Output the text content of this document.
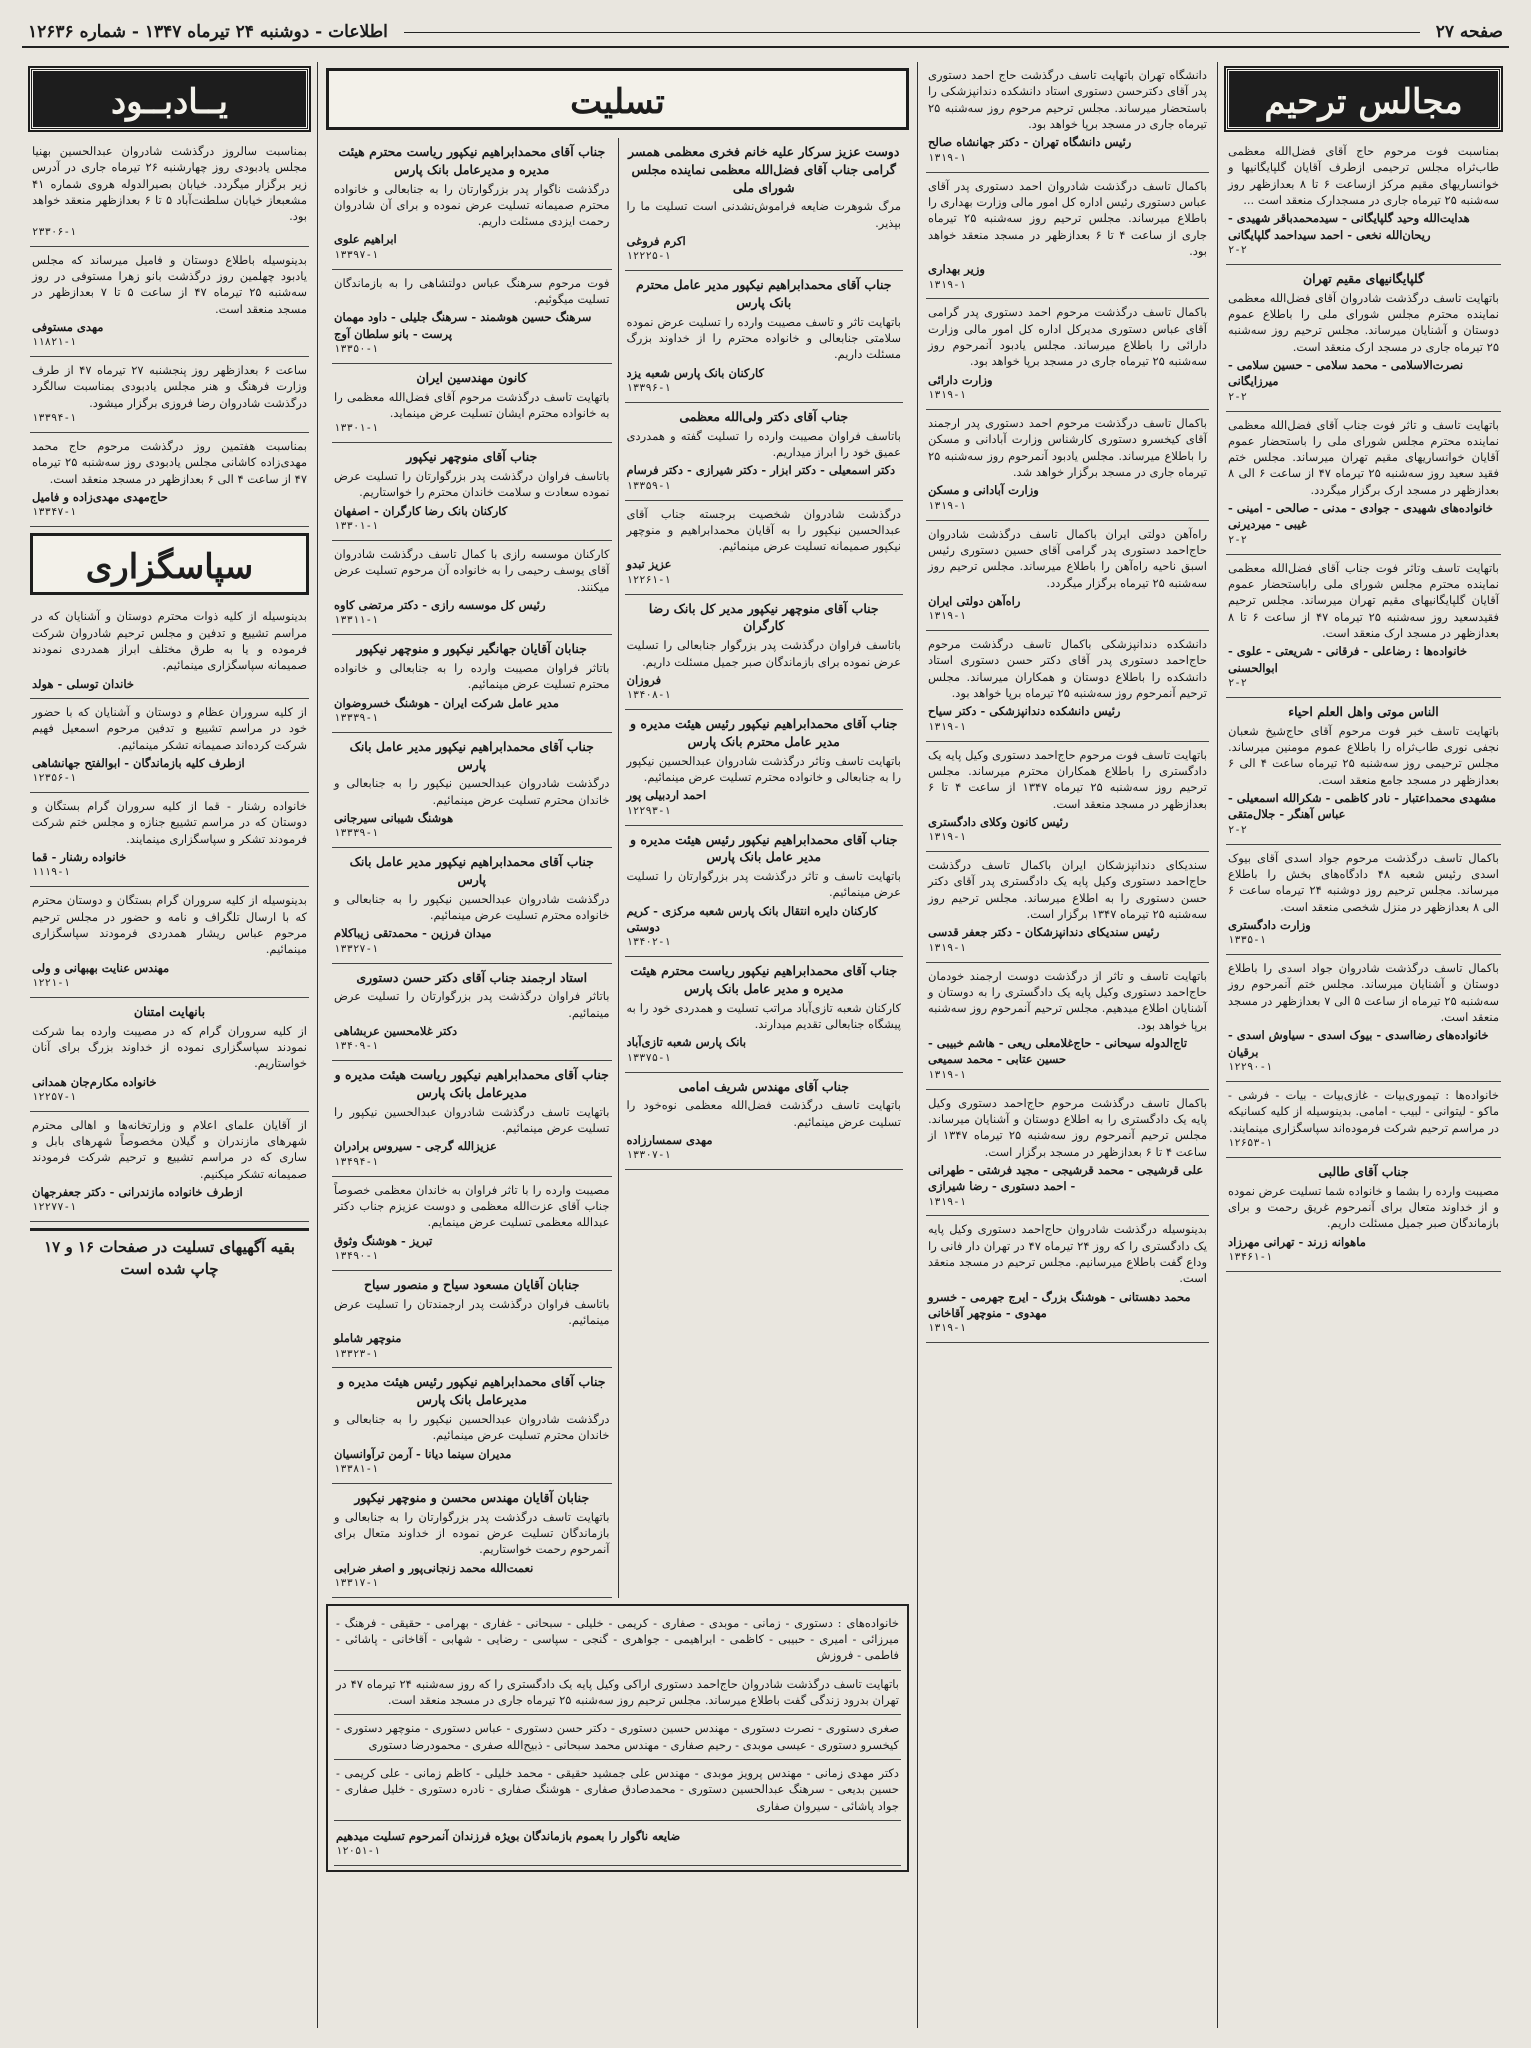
صفحه ۲۷
اطلاعات - دوشنبه ۲۴ تیرماه ۱۳۴۷ - شماره ۱۲۶۳۶
مجالس ترحیم
بمناسبت فوت مرحوم حاج آقای فضل‌الله معظمی طاب‌ثراه مجلس ترحیمی ازطرف آقایان گلپایگانیها و خوانساریهای مقیم مرکز ازساعت ۶ تا ۸ بعدازظهر روز سه‌شنبه ۲۵ تیرماه جاری در مسجدارک منعقد است ...
هدایت‌الله وحید گلپایگانی - سیدمحمدباقر شهیدی - ریحان‌الله نخعی - احمد سیداحمد گلپایگانی
۲-۲
گلپایگانیهای مقیم تهران
باتهایت تاسف درگذشت شادروان آقای فضل‌الله معظمی نماینده محترم مجلس شورای ملی را باطلاع عموم دوستان و آشنایان میرساند. مجلس ترحیم روز سه‌شنبه ۲۵ تیرماه جاری در مسجد ارک منعقد است.
نصرت‌الاسلامی - محمد سلامی - حسین سلامی - میرزایگانی
۲-۲
باتهایت تاسف و تاثر فوت جناب آقای فضل‌الله معظمی نماینده محترم مجلس شورای ملی را باستحضار عموم آقایان خوانساریهای مقیم تهران میرساند. مجلس ختم فقید سعید روز سه‌شنبه ۲۵ تیرماه ۴۷ از ساعت ۶ الی ۸ بعدازظهر در مسجد ارک برگزار میگردد.
خانواده‌های شهیدی - جوادی - مدنی - صالحی - امینی - غیبی - میردیرنی
۲-۲
باتهایت تاسف وتاثر فوت جناب آقای فضل‌الله معظمی نماینده محترم مجلس شورای ملی راباستحضار عموم آقایان گلپایگانیهای مقیم تهران میرساند. مجلس ترحیم فقیدسعید روز سه‌شنبه ۲۵ تیرماه ۴۷ از ساعت ۶ تا ۸ بعدازظهر در مسجد ارک منعقد است.
خانواده‌ها : رضاعلی - فرقانی - شریعتی - علوی - ابوالحسنی
۲-۲
الناس موتی واهل العلم احیاء
باتهایت تاسف خبر فوت مرحوم آقای حاج‌شیخ شعبان نجفی نوری طاب‌ثراه را باطلاع عموم مومنین میرساند. مجلس ترحیمی روز سه‌شنبه ۲۵ تیرماه ساعت ۴ الی ۶ بعدازظهر در مسجد جامع منعقد است.
مشهدی محمداعتبار - نادر کاظمی - شکرالله اسمعیلی - عباس آهنگر - جلال‌متقی
۲-۲
باکمال تاسف درگذشت مرحوم جواد اسدی آقای بیوک اسدی رئیس شعبه ۴۸ دادگاه‌های بخش را باطلاع میرساند. مجلس ترحیم روز دوشنبه ۲۴ تیرماه ساعت ۶ الی ۸ بعدازظهر در منزل شخصی منعقد است.
وزارت دادگستری
۱۳۳۵-۱
باکمال تاسف درگذشت شادروان جواد اسدی را باطلاع دوستان و آشنایان میرساند. مجلس ختم آنمرحوم روز سه‌شنبه ۲۵ تیرماه از ساعت ۵ الی ۷ بعدازظهر در مسجد منعقد است.
خانواده‌های رضااسدی - بیوک اسدی - سیاوش اسدی - برقیان
۱۲۲۹۰-۱
خانواده‌ها : تیموری‌بیات - غازی‌بیات - بیات - فرشی - ماکو - لیتوانی - لبیب - امامی. بدینوسیله از کلیه کسانیکه در مراسم ترحیم شرکت فرموده‌اند سپاسگزاری مینمایند.
۱۲۶۵۳-۱
جناب آقای طالبی
مصیبت وارده را بشما و خانواده شما تسلیت عرض نموده و از خداوند متعال برای آنمرحوم غریق رحمت و برای بازماندگان صبر جمیل مسئلت داریم.
ماهوانه زرند - تهرانی مهرزاد
۱۳۴۶۱-۱
دانشگاه تهران باتهایت تاسف درگذشت حاج احمد دستوری پدر آقای دکترحسن دستوری استاد دانشکده دندانپزشکی را باستحضار میرساند. مجلس ترحیم مرحوم روز سه‌شنبه ۲۵ تیرماه جاری در مسجد برپا خواهد بود.
رئیس دانشگاه تهران - دکتر جهانشاه صالح
۱۳۱۹-۱
باکمال تاسف درگذشت شادروان احمد دستوری پدر آقای عباس دستوری رئیس اداره کل امور مالی وزارت بهداری را باطلاع میرساند. مجلس ترحیم روز سه‌شنبه ۲۵ تیرماه جاری از ساعت ۴ تا ۶ بعدازظهر در مسجد منعقد خواهد بود.
وزیر بهداری
۱۳۱۹-۱
باکمال تاسف درگذشت مرحوم احمد دستوری پدر گرامی آقای عباس دستوری مدیرکل اداره کل امور مالی وزارت دارائی را باطلاع میرساند. مجلس یادبود آنمرحوم روز سه‌شنبه ۲۵ تیرماه جاری در مسجد برپا خواهد بود.
وزارت دارائی
۱۳۱۹-۱
باکمال تاسف درگذشت مرحوم احمد دستوری پدر ارجمند آقای کیخسرو دستوری کارشناس وزارت آبادانی و مسکن را باطلاع میرساند. مجلس یادبود آنمرحوم روز سه‌شنبه ۲۵ تیرماه جاری در مسجد برگزار خواهد شد.
وزارت آبادانی و مسکن
۱۳۱۹-۱
راه‌آهن دولتی ایران باکمال تاسف درگذشت شادروان حاج‌احمد دستوری پدر گرامی آقای حسین دستوری رئیس اسبق ناحیه راه‌آهن را باطلاع میرساند. مجلس ترحیم روز سه‌شنبه ۲۵ تیرماه برگزار میگردد.
راه‌آهن دولتی ایران
۱۳۱۹-۱
دانشکده دندانپزشکی باکمال تاسف درگذشت مرحوم حاج‌احمد دستوری پدر آقای دکتر حسن دستوری استاد دانشکده را باطلاع دوستان و همکاران میرساند. مجلس ترحیم آنمرحوم روز سه‌شنبه ۲۵ تیرماه برپا خواهد بود.
رئیس دانشکده دندانپزشکی - دکتر سیاح
۱۳۱۹-۱
باتهایت تاسف فوت مرحوم حاج‌احمد دستوری وکیل پایه یک دادگستری را باطلاع همکاران محترم میرساند. مجلس ترحیم روز سه‌شنبه ۲۵ تیرماه ۱۳۴۷ از ساعت ۴ تا ۶ بعدازظهر در مسجد منعقد است.
رئیس کانون وکلای دادگستری
۱۳۱۹-۱
سندیکای دندانپزشکان ایران باکمال تاسف درگذشت حاج‌احمد دستوری وکیل پایه یک دادگستری پدر آقای دکتر حسن دستوری را به اطلاع میرساند. مجلس ترحیم روز سه‌شنبه ۲۵ تیرماه ۱۳۴۷ برگزار است.
رئیس سندیکای دندانپزشکان - دکتر جعفر قدسی
۱۳۱۹-۱
باتهایت تاسف و تاثر از درگذشت دوست ارجمند خودمان حاج‌احمد دستوری وکیل پایه یک دادگستری را به دوستان و آشنایان اطلاع میدهیم. مجلس ترحیم آنمرحوم روز سه‌شنبه برپا خواهد بود.
تاج‌الدوله سیحانی - حاج‌غلامعلی ریعی - هاشم خبیبی - حسین عتابی - محمد سمیعی
۱۳۱۹-۱
باکمال تاسف درگذشت مرحوم حاج‌احمد دستوری وکیل پایه یک دادگستری را به اطلاع دوستان و آشنایان میرساند. مجلس ترحیم آنمرحوم روز سه‌شنبه ۲۵ تیرماه ۱۳۴۷ از ساعت ۴ تا ۶ بعدازظهر در مسجد برگزار است.
علی قرشیجی - محمد قرشیجی - مجید فرشتی - طهرانی - احمد دستوری - رضا شیرازی
۱۳۱۹-۱
بدینوسیله درگذشت شادروان حاج‌احمد دستوری وکیل پایه یک دادگستری را که روز ۲۴ تیرماه ۴۷ در تهران دار فانی را وداع گفت باطلاع میرسانیم. مجلس ترحیم در مسجد منعقد است.
محمد دهستانی - هوشنگ بزرگ - ایرج جهرمی - خسرو مهدوی - منوچهر آقاخانی
۱۳۱۹-۱
تسلیت
دوست عزیز سرکار علیه خانم فخری معظمی همسر گرامی جناب آقای فضل‌الله معظمی نماینده مجلس شورای ملی
مرگ شوهرت ضایعه فراموش‌نشدنی است تسلیت ما را بپذیر.
اکرم فروغی
۱۲۲۲۵-۱
جناب آقای محمدابراهیم نیکپور مدیر عامل محترم بانک پارس
باتهایت تاثر و تاسف مصیبت وارده را تسلیت عرض نموده سلامتی جنابعالی و خانواده محترم را از خداوند بزرگ مسئلت داریم.
کارکنان بانک پارس شعبه یزد
۱۳۳۹۶-۱
جناب آقای دکتر ولی‌الله معظمی
باتاسف فراوان مصیبت وارده را تسلیت گفته و همدردی عمیق خود را ابراز میداریم.
دکتر اسمعیلی - دکتر ابزار - دکتر شیرازی - دکتر فرسام
۱۳۳۵۹-۱
درگذشت شادروان شخصیت برجسته جناب آقای عبدالحسین نیکپور را به آقایان محمدابراهیم و منوچهر نیکپور صمیمانه تسلیت عرض مینمائیم.
عزیز تبدو
۱۲۲۶۱-۱
جناب آقای منوچهر نیکپور مدیر کل بانک رضا کارگران
باتاسف فراوان درگذشت پدر بزرگوار جنابعالی را تسلیت عرض نموده برای بازماندگان صبر جمیل مسئلت داریم.
فروزان
۱۳۴۰۸-۱
جناب آقای محمدابراهیم نیکپور رئیس هیئت مدیره و مدیر عامل محترم بانک پارس
باتهایت تاسف وتاثر درگذشت شادروان عبدالحسین نیکپور را به جنابعالی و خانواده محترم تسلیت عرض مینمائیم.
احمد اردبیلی پور
۱۲۲۹۳-۱
جناب آقای محمدابراهیم نیکپور رئیس هیئت مدیره و مدیر عامل بانک پارس
باتهایت تاسف و تاثر درگذشت پدر بزرگوارتان را تسلیت عرض مینمائیم.
کارکنان دایره انتقال بانک پارس شعبه مرکزی - کریم دوستی
۱۳۴۰۲-۱
جناب آقای محمدابراهیم نیکپور ریاست محترم هیئت مدیره و مدیر عامل بانک پارس
کارکنان شعبه تازی‌آباد مراتب تسلیت و همدردی خود را به پیشگاه جنابعالی تقدیم میدارند.
بانک پارس شعبه تازی‌آباد
۱۳۳۷۵-۱
جناب آقای مهندس شریف امامی
باتهایت تاسف درگذشت فضل‌الله معظمی نوه‌خود را تسلیت عرض مینمائیم.
مهدی سمسارزاده
۱۳۳۰۷-۱
جناب آقای محمدابراهیم نیکپور ریاست محترم هیئت مدیره و مدیرعامل بانک پارس
درگذشت ناگوار پدر بزرگوارتان را به جنابعالی و خانواده محترم صمیمانه تسلیت عرض نموده و برای آن شادروان رحمت ایزدی مسئلت داریم.
ابراهیم علوی
۱۳۳۹۷-۱
فوت مرحوم سرهنگ عباس دولتشاهی را به بازماندگان تسلیت میگوئیم.
سرهنگ حسین هوشمند - سرهنگ جلیلی - داود مهمان پرست - بانو سلطان آوج
۱۳۳۵۰-۱
کانون مهندسین ایران
باتهایت تاسف درگذشت مرحوم آقای فضل‌الله معظمی را به خانواده محترم ایشان تسلیت عرض مینماید.
۱۳۳۰۱-۱
جناب آقای منوچهر نیکپور
باتاسف فراوان درگذشت پدر بزرگوارتان را تسلیت عرض نموده سعادت و سلامت خاندان محترم را خواستاریم.
کارکنان بانک رضا کارگران - اصفهان
۱۳۳۰۱-۱
کارکنان موسسه رازی با کمال تاسف درگذشت شادروان آقای یوسف رحیمی را به خانواده آن مرحوم تسلیت عرض میکنند.
رئیس کل موسسه رازی - دکتر مرتضی کاوه
۱۳۳۱۱-۱
جنابان آقایان جهانگیر نیکپور و منوچهر نیکپور
باتاثر فراوان مصیبت وارده را به جنابعالی و خانواده محترم تسلیت عرض مینمائیم.
مدیر عامل شرکت ایران - هوشنگ خسروضوان
۱۳۳۳۹-۱
جناب آقای محمدابراهیم نیکپور مدیر عامل بانک پارس
درگذشت شادروان عبدالحسین نیکپور را به جنابعالی و خاندان محترم تسلیت عرض مینمائیم.
هوشنگ شیبانی سیرجانی
۱۳۳۳۹-۱
جناب آقای محمدابراهیم نیکپور مدیر عامل بانک پارس
درگذشت شادروان عبدالحسین نیکپور را به جنابعالی و خانواده محترم تسلیت عرض مینمائیم.
میدان فرزین - محمدتقی زیباکلام
۱۳۳۲۷-۱
استاد ارجمند جناب آقای دکتر حسن دستوری
باتاثر فراوان درگذشت پدر بزرگوارتان را تسلیت عرض مینمائیم.
دکتر غلامحسین عربشاهی
۱۳۴۰۹-۱
جناب آقای محمدابراهیم نیکپور ریاست هیئت مدیره و مدیرعامل بانک پارس
باتهایت تاسف درگذشت شادروان عبدالحسین نیکپور را تسلیت عرض مینمائیم.
عزیزالله گرجی - سیروس برادران
۱۳۴۹۴-۱
مصیبت وارده را با تاثر فراوان به خاندان معظمی خصوصاً جناب آقای عزت‌الله معظمی و دوست عزیزم جناب دکتر عبدالله معظمی تسلیت عرض مینمایم.
تبریز - هوشنگ وثوق
۱۳۴۹۰-۱
جنابان آقایان مسعود سیاح و منصور سیاح
باتاسف فراوان درگذشت پدر ارجمندتان را تسلیت عرض مینمائیم.
منوچهر شاملو
۱۳۳۲۳-۱
جناب آقای محمدابراهیم نیکپور رئیس هیئت مدیره و مدیرعامل بانک پارس
درگذشت شادروان عبدالحسین نیکپور را به جنابعالی و خاندان محترم تسلیت عرض مینمائیم.
مدیران سینما دیانا - آرمن ترآوانسیان
۱۳۳۸۱-۱
جنابان آقایان مهندس محسن و منوچهر نیکپور
باتهایت تاسف درگذشت پدر بزرگوارتان را به جنابعالی و بازماندگان تسلیت عرض نموده از خداوند متعال برای آنمرحوم رحمت خواستاریم.
نعمت‌الله محمد زنجانی‌پور و اصغر ضرابی
۱۳۳۱۷-۱
خانواده‌های : دستوری - زمانی - موبدی - صفاری - کریمی - خلیلی - سبحانی - غفاری - بهرامی - حقیقی - فرهنگ - میرزائی - امیری - حبیبی - کاظمی - ابراهیمی - جواهری - گنجی - سپاسی - رضایی - شهابی - آقاخانی - پاشائی - فاطمی - فروزش
باتهایت تاسف درگذشت شادروان حاج‌احمد دستوری اراکی وکیل پایه یک دادگستری را که روز سه‌شنبه ۲۴ تیرماه ۴۷ در تهران بدرود زندگی گفت باطلاع میرساند. مجلس ترحیم روز سه‌شنبه ۲۵ تیرماه جاری در مسجد منعقد است.
صغری دستوری - نصرت دستوری - مهندس حسین دستوری - دکتر حسن دستوری - عباس دستوری - منوچهر دستوری - کیخسرو دستوری - عیسی موبدی - رحیم صفاری - مهندس محمد سبحانی - ذبیح‌الله صفری - محمودرضا دستوری
دکتر مهدی زمانی - مهندس پرویز موبدی - مهندس علی جمشید حقیقی - محمد خلیلی - کاظم زمانی - علی کریمی - حسین بدیعی - سرهنگ عبدالحسین دستوری - محمدصادق صفاری - هوشنگ صفاری - نادره دستوری - خلیل صفاری - جواد پاشائی - سیروان صفاری
ضایعه ناگوار را بعموم بازماندگان بویژه فرزندان آنمرحوم تسلیت میدهیم
۱۲۰۵۱-۱
یــادبــود
بمناسبت سالروز درگذشت شادروان عبدالحسین بهنیا مجلس یادبودی روز چهارشنبه ۲۶ تیرماه جاری در آدرس زیر برگزار میگردد. خیابان بصیرالدوله هروی شماره ۴۱ مشعبعاز خیابان سلطنت‌آباد ۵ تا ۶ بعدازظهر منعقد خواهد بود.
۲۳۳۰۶-۱
بدینوسیله باطلاع دوستان و فامیل میرساند که مجلس یادبود چهلمین روز درگذشت بانو زهرا مستوفی در روز سه‌شنبه ۲۵ تیرماه ۴۷ از ساعت ۵ تا ۷ بعدازظهر در مسجد منعقد است.
مهدی مستوفی
۱۱۸۲۱-۱
ساعت ۶ بعدازظهر روز پنجشنبه ۲۷ تیرماه ۴۷ از طرف وزارت فرهنگ و هنر مجلس یادبودی بمناسبت سالگرد درگذشت شادروان رضا فروزی برگزار میشود.
۱۳۳۹۴-۱
بمناسبت هفتمین روز درگذشت مرحوم حاج محمد مهدی‌زاده کاشانی مجلس یادبودی روز سه‌شنبه ۲۵ تیرماه ۴۷ از ساعت ۴ الی ۶ بعدازظهر در مسجد منعقد است.
حاج‌مهدی مهدی‌زاده و فامیل
۱۳۳۴۷-۱
سپاسگزاری
بدینوسیله از کلیه ذوات محترم دوستان و آشنایان که در مراسم تشییع و تدفین و مجلس ترحیم شادروان شرکت فرموده و یا به طرق مختلف ابراز همدردی نمودند صمیمانه سپاسگزاری مینمائیم.
خاندان توسلی - هولد
از کلیه سروران عظام و دوستان و آشنایان که با حضور خود در مراسم تشییع و تدفین مرحوم اسمعیل فهیم شرکت کرده‌اند صمیمانه تشکر مینمائیم.
ازطرف کلیه بازماندگان - ابوالفتح جهانشاهی
۱۲۳۵۶-۱
خانواده رشنار - قما از کلیه سروران گرام بستگان و دوستان که در مراسم تشییع جنازه و مجلس ختم شرکت فرمودند تشکر و سپاسگزاری مینمایند.
خانواده رشنار - قما
۱۱۱۹-۱
بدینوسیله از کلیه سروران گرام بستگان و دوستان محترم که با ارسال تلگراف و نامه و حضور در مجلس ترحیم مرحوم عباس ریشار همدردی فرمودند سپاسگزاری مینمائیم.
مهندس عنایت بهبهانی و ولی
۱۲۲۱-۱
بانهایت امتنان
از کلیه سروران گرام که در مصیبت وارده بما شرکت نمودند سپاسگزاری نموده از خداوند بزرگ برای آنان خواستاریم.
خانواده مکارم‌جان همدانی
۱۲۲۵۷-۱
از آقایان علمای اعلام و وزارتخانه‌ها و اهالی محترم شهرهای مازندران و گیلان مخصوصاً شهرهای بابل و ساری که در مراسم تشییع و ترحیم شرکت فرمودند صمیمانه تشکر میکنیم.
ازطرف خانواده مازندرانی - دکتر جعفرجهان
۱۲۲۷۷-۱
بقیه آگهیهای تسلیت در صفحات ۱۶ و ۱۷ چاپ شده است
